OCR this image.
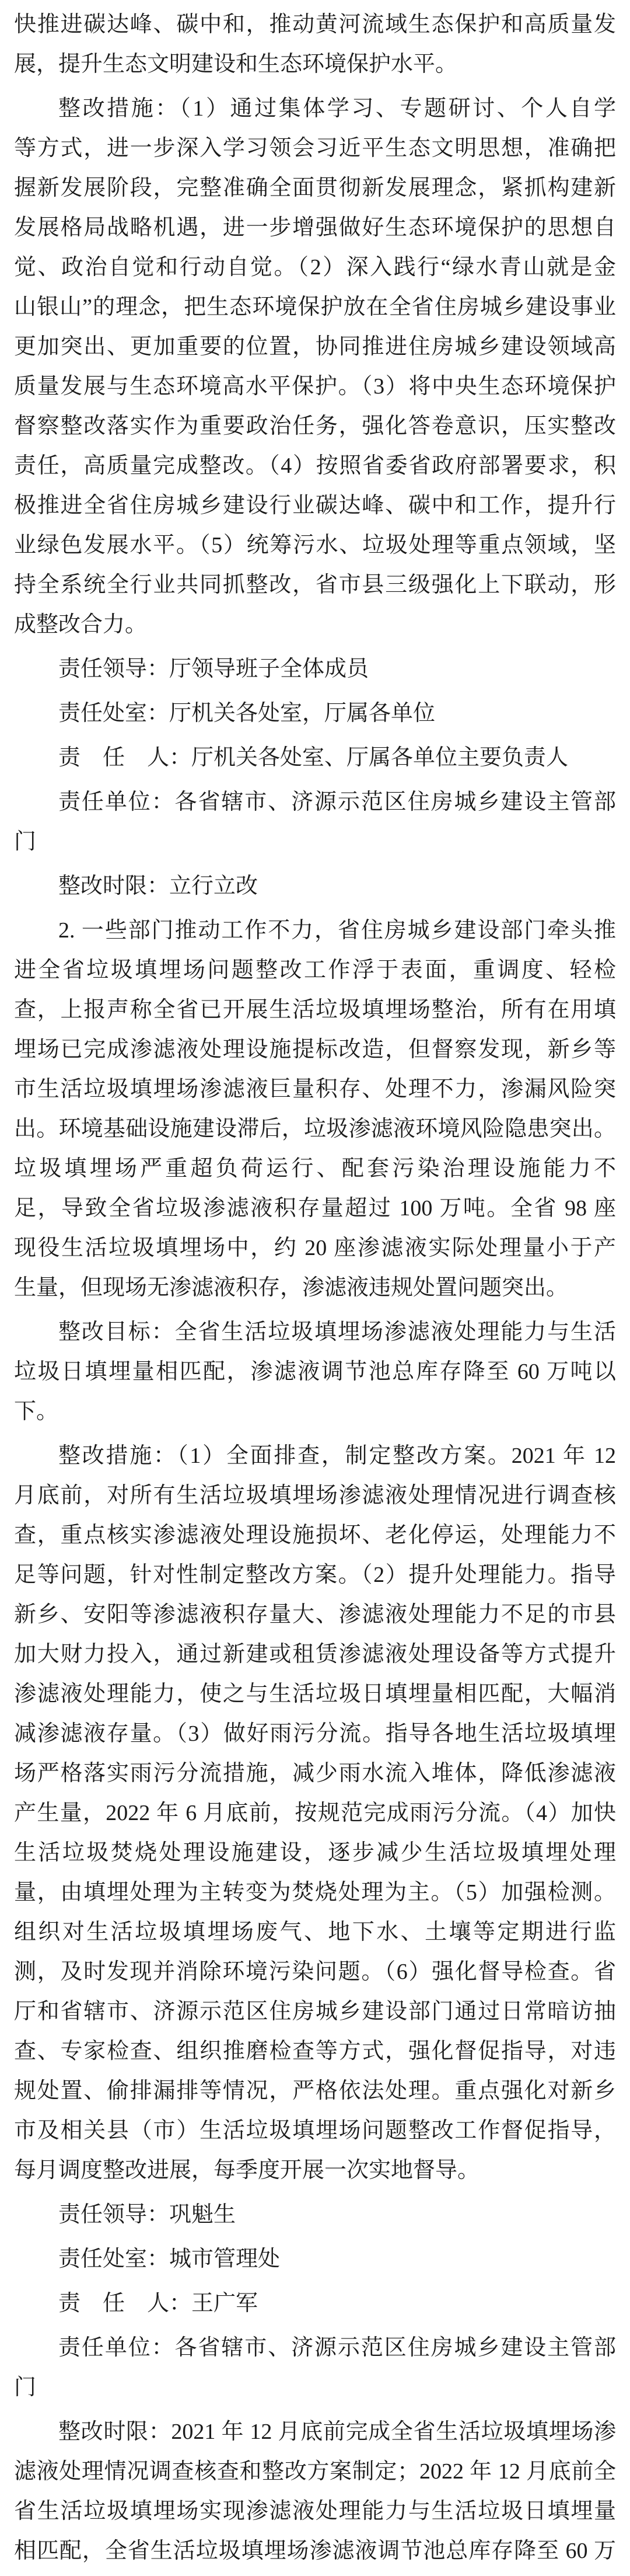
快推进碳达峰、碳中和，推动黄河流域生态保护和高质量发
展，提升生态文明建设和生态环境保护水平。
整改措施：（1）通过集体学习、专题研讨、个人自学
等方式，进一步深入学习领会习近平生态文明思想，准确把
握新发展阶段，完整准确全面贯彻新发展理念，紧抓构建新
发展格局战略机遇，进一步增强做好生态环境保护的思想自
觉、政治自觉和行动自觉。（2）深入践行“绿水青山就是金
山银山”的理念，把生态环境保护放在全省住房城乡建设事业
更加突出、更加重要的位置，协同推进住房城乡建设领域高
质量发展与生态环境高水平保护。（3）将中央生态环境保护
督察整改落实作为重要政治任务，强化答卷意识，压实整改
责任，高质量完成整改。（4）按照省委省政府部署要求，积
极推进全省住房城乡建设行业碳达峰、碳中和工作，提升行
业绿色发展水平。（5）统筹污水、垃圾处理等重点领域，坚
持全系统全行业共同抓整改，省市县三级强化上下联动，形
成整改合力。
责任领导：厅领导班子全体成员
责任处室：厅机关各处室，厅属各单位
责　任　人：厅机关各处室、厅属各单位主要负责人
责任单位：各省辖市、济源示范区住房城乡建设主管部
门
整改时限：立行立改
2. 一些部门推动工作不力，省住房城乡建设部门牵头推
进全省垃圾填埋场问题整改工作浮于表面，重调度、轻检
查，上报声称全省已开展生活垃圾填埋场整治，所有在用填
埋场已完成渗滤液处理设施提标改造，但督察发现，新乡等
市生活垃圾填埋场渗滤液巨量积存、处理不力，渗漏风险突
出。环境基础设施建设滞后，垃圾渗滤液环境风险隐患突出。
垃圾填埋场严重超负荷运行、配套污染治理设施能力不
足，导致全省垃圾渗滤液积存量超过 100 万吨。全省 98 座
现役生活垃圾填埋场中，约 20 座渗滤液实际处理量小于产
生量，但现场无渗滤液积存，渗滤液违规处置问题突出。
整改目标：全省生活垃圾填埋场渗滤液处理能力与生活
垃圾日填埋量相匹配，渗滤液调节池总库存降至 60 万吨以
下。
整改措施：（1）全面排查，制定整改方案。2021 年 12
月底前，对所有生活垃圾填埋场渗滤液处理情况进行调查核
查，重点核实渗滤液处理设施损坏、老化停运，处理能力不
足等问题，针对性制定整改方案。（2）提升处理能力。指导
新乡、安阳等渗滤液积存量大、渗滤液处理能力不足的市县
加大财力投入，通过新建或租赁渗滤液处理设备等方式提升
渗滤液处理能力，使之与生活垃圾日填埋量相匹配，大幅消
减渗滤液存量。（3）做好雨污分流。指导各地生活垃圾填埋
场严格落实雨污分流措施，减少雨水流入堆体，降低渗滤液
产生量，2022 年 6 月底前，按规范完成雨污分流。（4）加快
生活垃圾焚烧处理设施建设，逐步减少生活垃圾填埋处理
量，由填埋处理为主转变为焚烧处理为主。（5）加强检测。
组织对生活垃圾填埋场废气、地下水、土壤等定期进行监
测，及时发现并消除环境污染问题。（6）强化督导检查。省
厅和省辖市、济源示范区住房城乡建设部门通过日常暗访抽
查、专家检查、组织推磨检查等方式，强化督促指导，对违
规处置、偷排漏排等情况，严格依法处理。重点强化对新乡
市及相关县（市）生活垃圾填埋场问题整改工作督促指导，
每月调度整改进展，每季度开展一次实地督导。
责任领导：巩魁生
责任处室：城市管理处
责　任　人：王广军
责任单位：各省辖市、济源示范区住房城乡建设主管部
门
整改时限：2021 年 12 月底前完成全省生活垃圾填埋场渗
滤液处理情况调查核查和整改方案制定；2022 年 12 月底前全
省生活垃圾填埋场实现渗滤液处理能力与生活垃圾日填埋量
相匹配，全省生活垃圾填埋场渗滤液调节池总库存降至 60 万
